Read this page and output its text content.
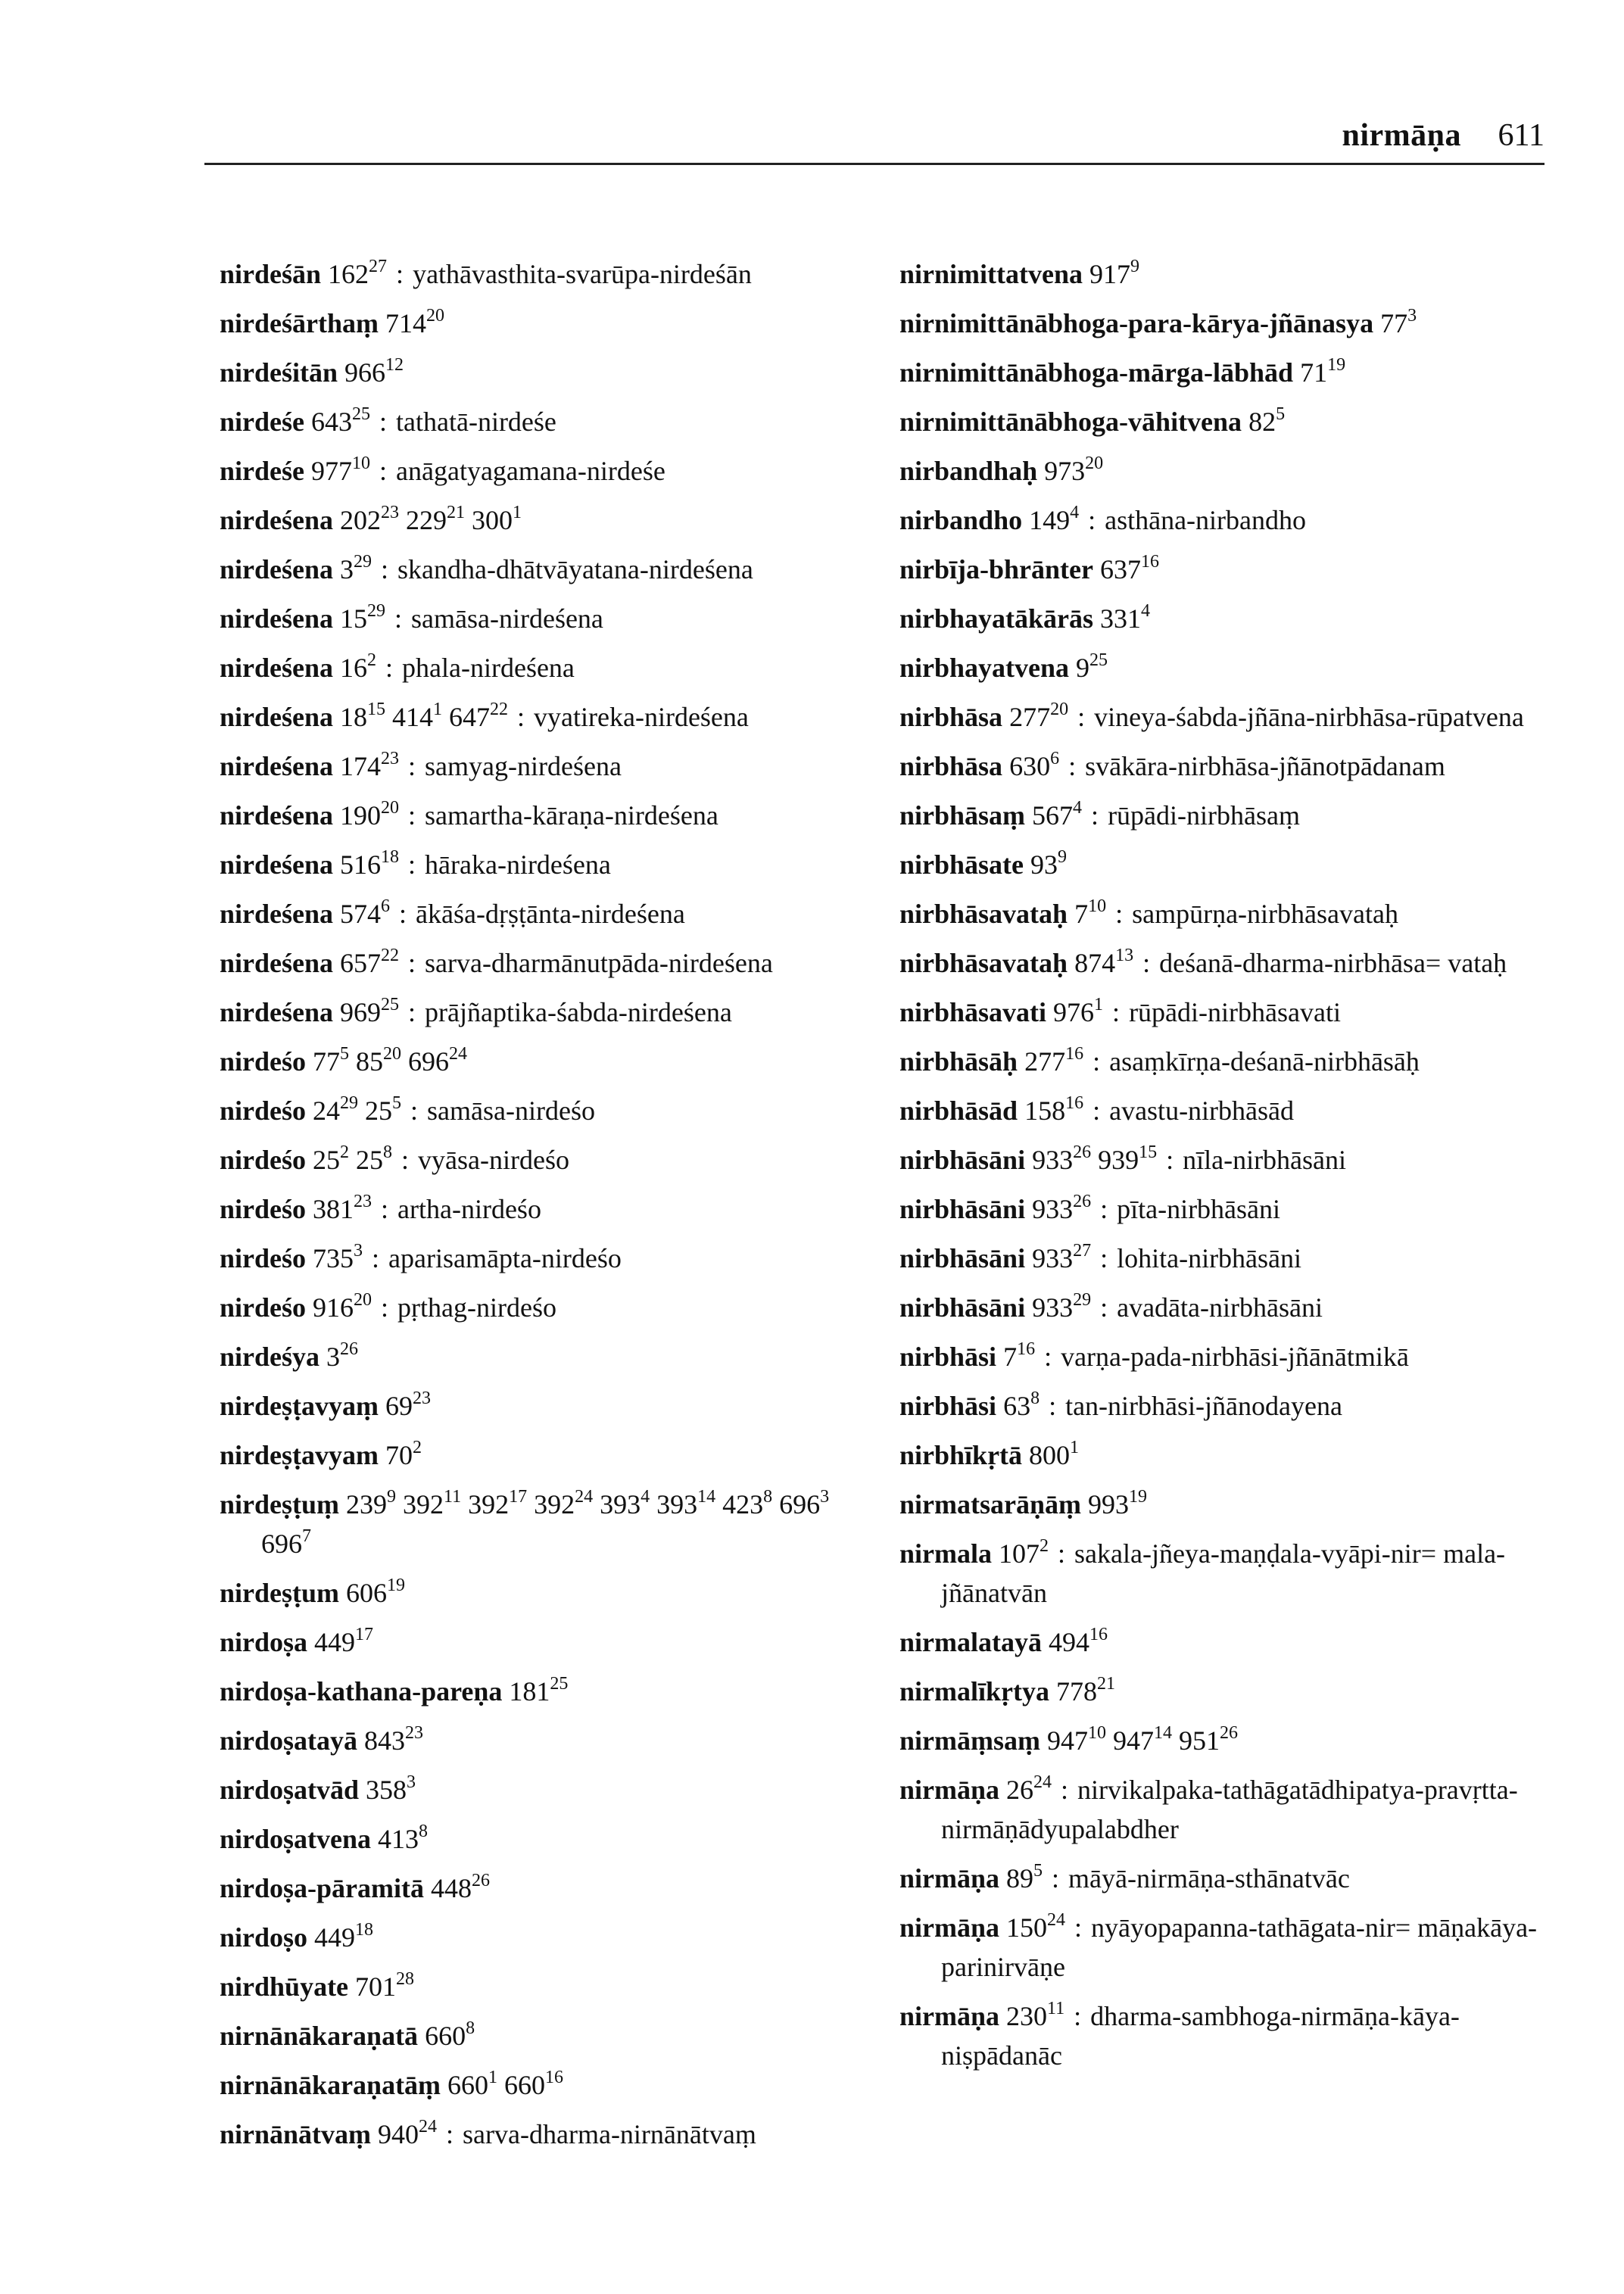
nirmāṇa 611
nirdeśān 162$^{27}$ : yathāvasthita-svarūpa-nirdeśān
nirdeśārthaṃ 714$^{20}$
nirdeśitān 966$^{12}$
nirdeśe 643$^{25}$ : tathatā-nirdeśe
nirdeśe 977$^{10}$ : anāgatyagamana-nirdeśe
nirdeśena 202$^{23}$ 229$^{21}$ 300$^1$
nirdeśena 3$^{29}$ : skandha-dhātvāyatana-nirdeśena
nirdeśena 15$^{29}$ : samāsa-nirdeśena
nirdeśena 16$^2$ : phala-nirdeśena
nirdeśena 18$^{15}$ 414$^1$ 647$^{22}$ : vyatireka-nirdeśena
nirdeśena 174$^{23}$ : samyag-nirdeśena
nirdeśena 190$^{20}$ : samartha-kāraṇa-nirdeśena
nirdeśena 516$^{18}$ : hāraka-nirdeśena
nirdeśena 574$^6$ : ākāśa-dṛṣṭānta-nirdeśena
nirdeśena 657$^{22}$ : sarva-dharmānutpāda-nirdeśena
nirdeśena 969$^{25}$ : prājñaptika-śabda-nirdeśena
nirdeśo 77$^5$ 85$^{20}$ 696$^{24}$
nirdeśo 24$^{29}$ 25$^5$ : samāsa-nirdeśo
nirdeśo 25$^2$ 25$^8$ : vyāsa-nirdeśo
nirdeśo 381$^{23}$ : artha-nirdeśo
nirdeśo 735$^3$ : aparisamāpta-nirdeśo
nirdeśo 916$^{20}$ : pṛthag-nirdeśo
nirdeśya 3$^{26}$
nirdeṣṭavyaṃ 69$^{23}$
nirdeṣṭavyam 70$^2$
nirdeṣṭuṃ 239$^9$ 392$^{11}$ 392$^{17}$ 392$^{24}$ 393$^4$ 393$^{14}$ 423$^8$ 696$^3$ 696$^7$
nirdeṣṭum 606$^{19}$
nirdoṣa 449$^{17}$
nirdoṣa-kathana-pareṇa 181$^{25}$
nirdoṣatayā 843$^{23}$
nirdoṣatvād 358$^3$
nirdoṣatvena 413$^8$
nirdoṣa-pāramitā 448$^{26}$
nirdoṣo 449$^{18}$
nirdhūyate 701$^{28}$
nirnānākaraṇatā 660$^8$
nirnānākaraṇatāṃ 660$^1$ 660$^{16}$
nirnānātvaṃ 940$^{24}$ : sarva-dharma-nirnānātvaṃ
nirnimittatvena 917$^9$
nirnimittānābhoga-para-kārya-jñānasya 77$^3$
nirnimittānābhoga-mārga-lābhād 71$^{19}$
nirnimittānābhoga-vāhitvena 82$^5$
nirbandhaḥ 973$^{20}$
nirbandho 149$^4$ : asthāna-nirbandho
nirbīja-bhrānter 637$^{16}$
nirbhayatākārās 331$^4$
nirbhayatvena 9$^{25}$
nirbhāsa 277$^{20}$ : vineya-śabda-jñāna-nirbhāsa-rūpatvena
nirbhāsa 630$^6$ : svākāra-nirbhāsa-jñānotpādanam
nirbhāsaṃ 567$^4$ : rūpādi-nirbhāsaṃ
nirbhāsate 93$^9$
nirbhāsavataḥ 7$^{10}$ : sampūrṇa-nirbhāsavataḥ
nirbhāsavataḥ 874$^{13}$ : deśanā-dharma-nirbhāsa= vataḥ
nirbhāsavati 976$^1$ : rūpādi-nirbhāsavati
nirbhāsāḥ 277$^{16}$ : asaṃkīrṇa-deśanā-nirbhāsāḥ
nirbhāsād 158$^{16}$ : avastu-nirbhāsād
nirbhāsāni 933$^{26}$ 939$^{15}$ : nīla-nirbhāsāni
nirbhāsāni 933$^{26}$ : pīta-nirbhāsāni
nirbhāsāni 933$^{27}$ : lohita-nirbhāsāni
nirbhāsāni 933$^{29}$ : avadāta-nirbhāsāni
nirbhāsi 7$^{16}$ : varṇa-pada-nirbhāsi-jñānātmikā
nirbhāsi 63$^8$ : tan-nirbhāsi-jñānodayena
nirbhīkṛtā 800$^1$
nirmatsarāṇāṃ 993$^{19}$
nirmala 107$^2$ : sakala-jñeya-maṇḍala-vyāpi-nir= mala-jñānatvān
nirmalatayā 494$^{16}$
nirmalīkṛtya 778$^{21}$
nirmāṃsaṃ 947$^{10}$ 947$^{14}$ 951$^{26}$
nirmāṇa 26$^{24}$ : nirvikalpaka-tathāgatādhipatya-pravṛtta-nirmāṇādyupalabdher
nirmāṇa 89$^5$ : māyā-nirmāṇa-sthānatvāc
nirmāṇa 150$^{24}$ : nyāyopapanna-tathāgata-nir= māṇakāya-parinirvāṇe
nirmāṇa 230$^{11}$ : dharma-sambhoga-nirmāṇa-kāya-niṣpādanāc
